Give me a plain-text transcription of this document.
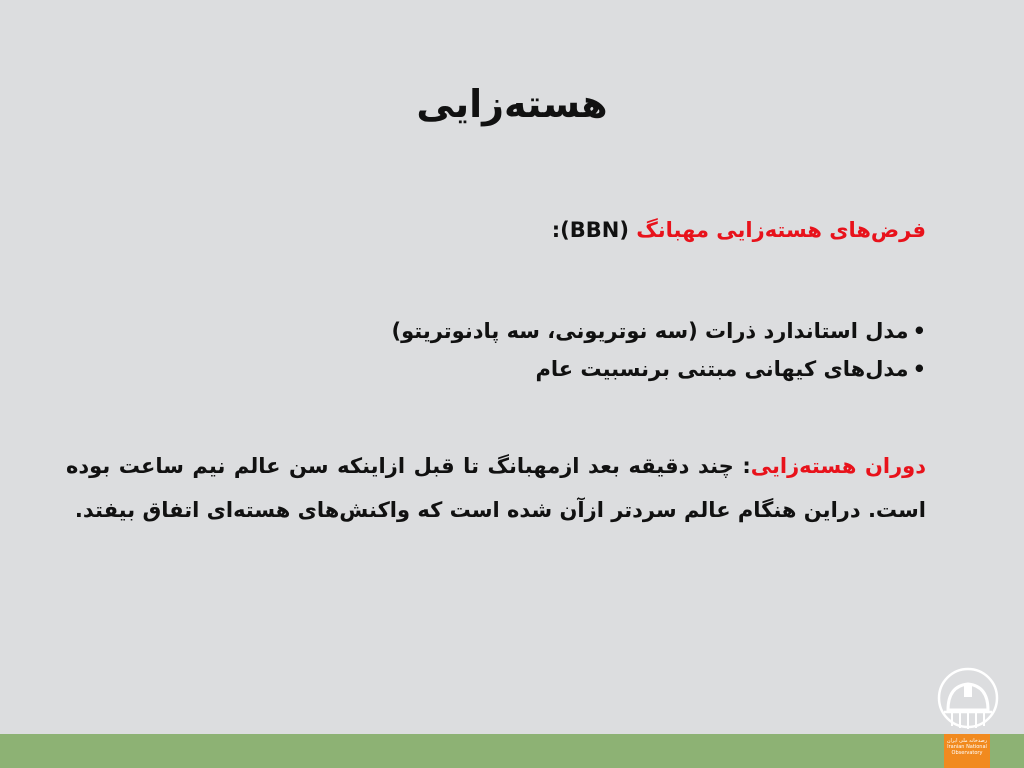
هسته‌زایی
فرض‌های هسته‌زایی مهبانگ (BBN):
•مدل استاندارد ذرات (سه نوتریونی، سه پادنوتریتو)
•مدل‌های کیهانی مبتنی برنسبیت عام
دوران هسته‌زایی: چند دقیقه بعد ازمهبانگ تا قبل ازاینکه سن عالم نیم ساعت بوده است. دراین هنگام عالم سردتر ازآن شده است که واکنش‌های هسته‌ای اتفاق بیفتد.
رصدخانه ملی ایران
Iranian National
Observatory
